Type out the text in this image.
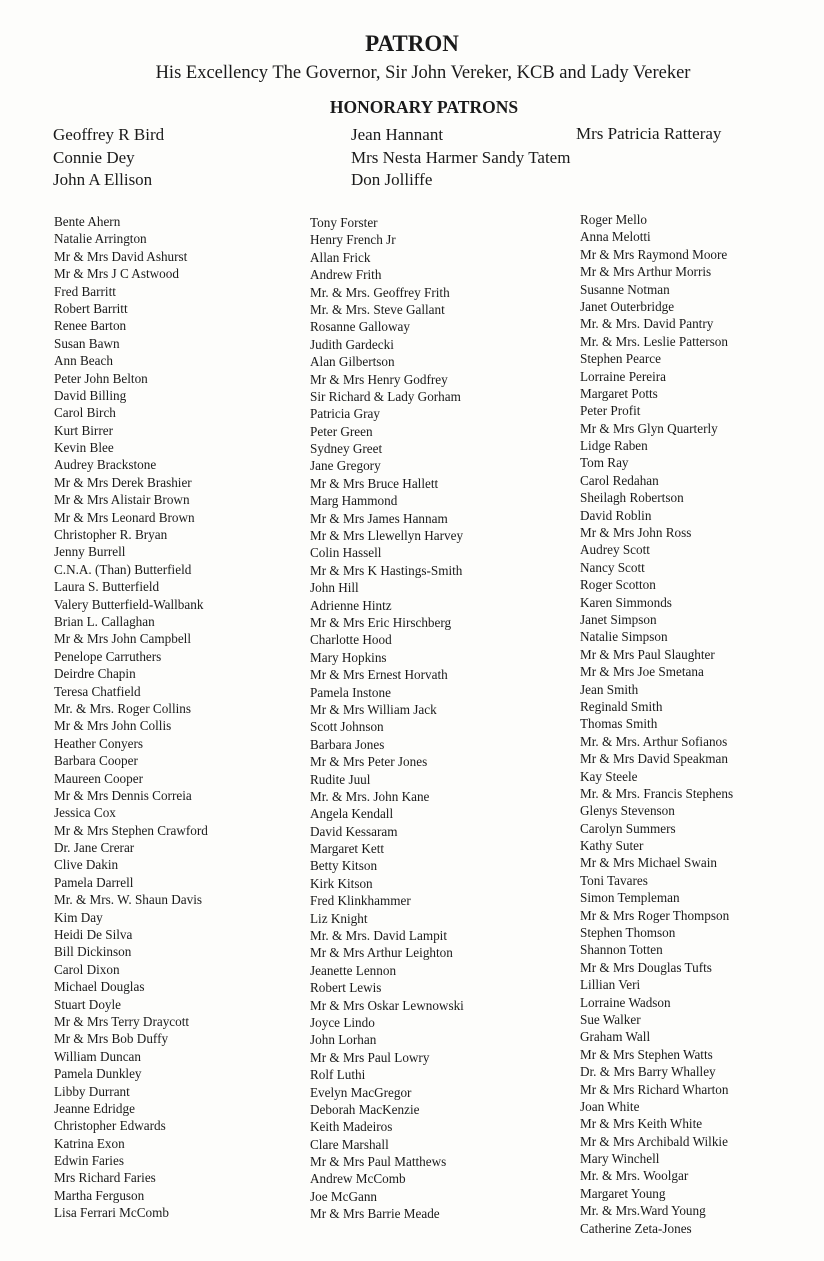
PATRON
His Excellency The Governor, Sir John Vereker, KCB and Lady Vereker
HONORARY PATRONS
Geoffrey R Bird
Connie Dey
John A Ellison
Jean Hannant
Mrs Nesta Harmer Sandy Tatem
Don Jolliffe
Mrs Patricia Ratteray
Bente Ahern
Natalie Arrington
Mr & Mrs David Ashurst
Mr & Mrs J C Astwood
Fred Barritt
Robert Barritt
Renee Barton
Susan Bawn
Ann Beach
Peter John Belton
David Billing
Carol Birch
Kurt Birrer
Kevin Blee
Audrey Brackstone
Mr & Mrs Derek Brashier
Mr & Mrs Alistair Brown
Mr & Mrs Leonard Brown
Christopher R. Bryan
Jenny Burrell
C.N.A. (Than) Butterfield
Laura S. Butterfield
Valery Butterfield-Wallbank
Brian L. Callaghan
Mr & Mrs John Campbell
Penelope Carruthers
Deirdre Chapin
Teresa Chatfield
Mr. & Mrs. Roger Collins
Mr & Mrs John Collis
Heather Conyers
Barbara Cooper
Maureen Cooper
Mr & Mrs Dennis Correia
Jessica Cox
Mr & Mrs Stephen Crawford
Dr. Jane Crerar
Clive Dakin
Pamela Darrell
Mr. & Mrs. W. Shaun Davis
Kim Day
Heidi De Silva
Bill Dickinson
Carol Dixon
Michael Douglas
Stuart Doyle
Mr & Mrs Terry Draycott
Mr & Mrs Bob Duffy
William Duncan
Pamela Dunkley
Libby Durrant
Jeanne Edridge
Christopher Edwards
Katrina Exon
Edwin Faries
Mrs Richard Faries
Martha Ferguson
Lisa Ferrari McComb
Tony Forster
Henry French Jr
Allan Frick
Andrew Frith
Mr. & Mrs. Geoffrey Frith
Mr. & Mrs. Steve Gallant
Rosanne Galloway
Judith Gardecki
Alan Gilbertson
Mr & Mrs Henry Godfrey
Sir Richard & Lady Gorham
Patricia Gray
Peter Green
Sydney Greet
Jane Gregory
Mr & Mrs Bruce Hallett
Marg Hammond
Mr & Mrs James Hannam
Mr & Mrs Llewellyn Harvey
Colin Hassell
Mr & Mrs K Hastings-Smith
John Hill
Adrienne Hintz
Mr & Mrs Eric Hirschberg
Charlotte Hood
Mary Hopkins
Mr & Mrs Ernest Horvath
Pamela Instone
Mr & Mrs William Jack
Scott Johnson
Barbara Jones
Mr & Mrs Peter Jones
Rudite Juul
Mr. & Mrs. John Kane
Angela Kendall
David Kessaram
Margaret Kett
Betty Kitson
Kirk Kitson
Fred Klinkhammer
Liz Knight
Mr. & Mrs. David Lampit
Mr & Mrs Arthur Leighton
Jeanette Lennon
Robert Lewis
Mr & Mrs Oskar Lewnowski
Joyce Lindo
John Lorhan
Mr & Mrs Paul Lowry
Rolf Luthi
Evelyn MacGregor
Deborah MacKenzie
Keith Madeiros
Clare Marshall
Mr & Mrs Paul Matthews
Andrew McComb
Joe McGann
Mr & Mrs Barrie Meade
Roger Mello
Anna Melotti
Mr & Mrs Raymond Moore
Mr & Mrs Arthur Morris
Susanne Notman
Janet Outerbridge
Mr. & Mrs. David Pantry
Mr. & Mrs. Leslie Patterson
Stephen Pearce
Lorraine Pereira
Margaret Potts
Peter Profit
Mr & Mrs Glyn Quarterly
Lidge Raben
Tom Ray
Carol Redahan
Sheilagh Robertson
David Roblin
Mr & Mrs John Ross
Audrey Scott
Nancy Scott
Roger Scotton
Karen Simmonds
Janet Simpson
Natalie Simpson
Mr & Mrs Paul Slaughter
Mr & Mrs Joe Smetana
Jean Smith
Reginald Smith
Thomas Smith
Mr. & Mrs. Arthur Sofianos
Mr & Mrs David Speakman
Kay Steele
Mr. & Mrs. Francis Stephens
Glenys Stevenson
Carolyn Summers
Kathy Suter
Mr & Mrs Michael Swain
Toni Tavares
Simon Templeman
Mr & Mrs Roger Thompson
Stephen Thomson
Shannon Totten
Mr & Mrs Douglas Tufts
Lillian Veri
Lorraine Wadson
Sue Walker
Graham Wall
Mr & Mrs Stephen Watts
Dr. & Mrs Barry Whalley
Mr & Mrs Richard Wharton
Joan White
Mr & Mrs Keith White
Mr & Mrs Archibald Wilkie
Mary Winchell
Mr. & Mrs. Woolgar
Margaret Young
Mr. & Mrs.Ward Young
Catherine Zeta-Jones
